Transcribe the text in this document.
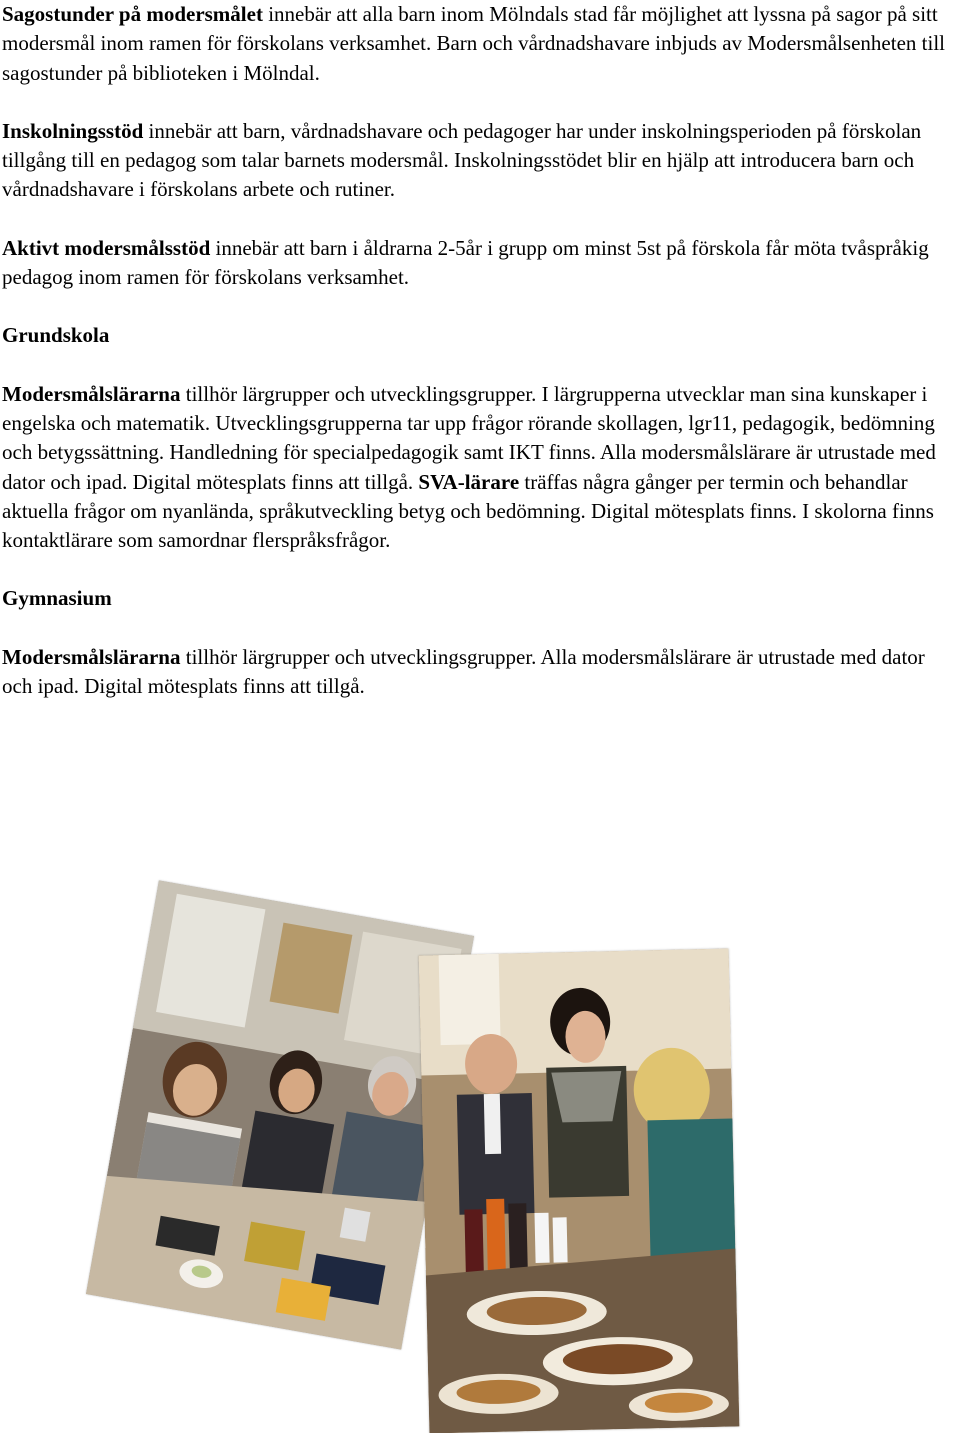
Sagostunder på modersmålet innebär att alla barn inom Mölndals stad får möjlighet att lyssna på sagor på sitt modersmål inom ramen för förskolans verksamhet. Barn och vårdnadshavare inbjuds av Modersmålsenheten till sagostunder på biblioteken i Mölndal.

Inskolningsstöd innebär att barn, vårdnadshavare och pedagoger har under inskolningsperioden på förskolan tillgång till en pedagog som talar barnets modersmål. Inskolningsstödet blir en hjälp att introducera barn och vårdnadshavare i förskolans arbete och rutiner.

Aktivt modersmålsstöd innebär att barn i åldrarna 2-5år i grupp om minst 5st på förskola får möta tvåspråkig pedagog inom ramen för förskolans verksamhet.

Grundskola

Modersmålslärarna tillhör lärgrupper och utvecklingsgrupper. I lärgrupperna utvecklar man sina kunskaper i engelska och matematik. Utvecklingsgrupperna tar upp frågor rörande skollagen, lgr11, pedagogik, bedömning och betygssättning. Handledning för specialpedagogik samt IKT finns. Alla modersmålslärare är utrustade med dator och ipad. Digital mötesplats finns att tillgå. SVA-lärare träffas några gånger per termin och behandlar aktuella frågor om nyanlända, språkutveckling betyg och bedömning. Digital mötesplats finns. I skolorna finns kontaktlärare som samordnar flerspråksfrågor.

Gymnasium

Modersmålslärarna tillhör lärgrupper och utvecklingsgrupper. Alla modersmålslärare är utrustade med dator och ipad. Digital mötesplats finns att tillgå.
